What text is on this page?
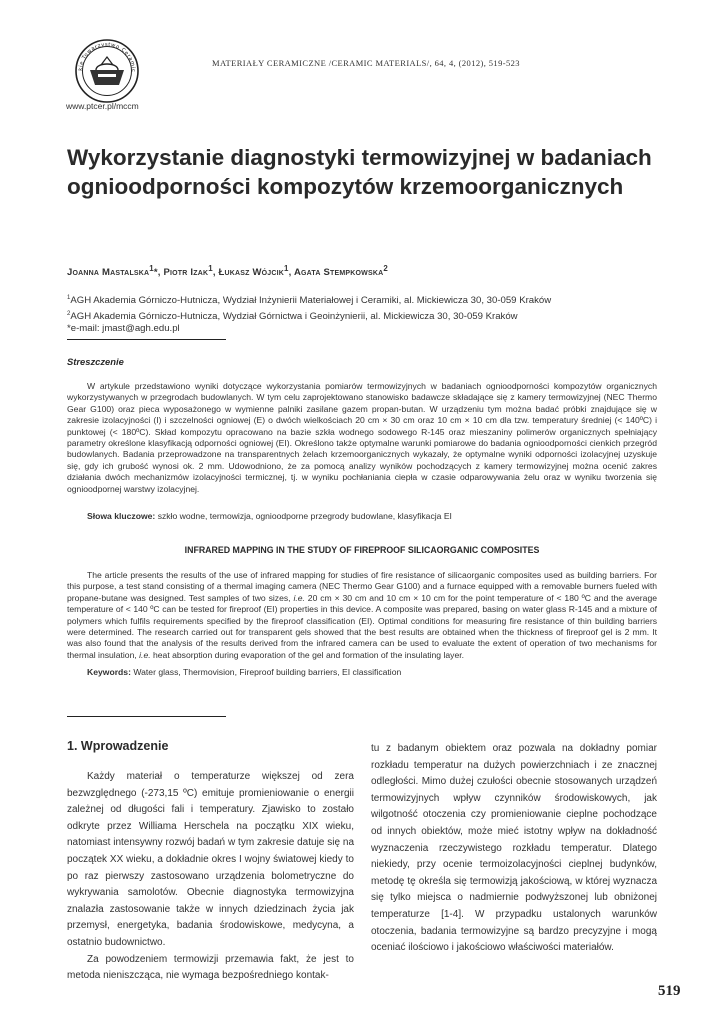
kie Towarzystwo Ceramic
www.ptcer.pl/mccm
MATERIAŁY CERAMICZNE /CERAMIC MATERIALS/, 64, 4, (2012), 519-523
Wykorzystanie diagnostyki termowizyjnej w badaniach ognioodporności kompozytów krzemoorganicznych
Joanna Mastalska$^1$*, Piotr Izak$^1$, Łukasz Wójcik$^1$, Agata Stempkowska$^2$
$^1$AGH Akademia Górniczo-Hutnicza, Wydział Inżynierii Materiałowej i Ceramiki, al. Mickiewicza 30, 30-059 Kraków
$^2$AGH Akademia Górniczo-Hutnicza, Wydział Górnictwa i Geoinżynierii, al. Mickiewicza 30, 30-059 Kraków
*e-mail: jmast@agh.edu.pl
Streszczenie

W artykule przedstawiono wyniki dotyczące wykorzystania pomiarów termowizyjnych w badaniach ognioodporności kompozytów organicznych wykorzystywanych w przegrodach budowlanych. W tym celu zaprojektowano stanowisko badawcze składające się z kamery termowizyjnej (NEC Thermo Gear G100) oraz pieca wyposażonego w wymienne palniki zasilane gazem propan-butan. W urządzeniu tym można badać próbki znajdujące się w zakresie izolacyjności (I) i szczelności ogniowej (E) o dwóch wielkościach 20 cm × 30 cm oraz 10 cm × 10 cm dla tzw. temperatury średniej (< 140ºC) i punktowej (< 180ºC). Skład kompozytu opracowano na bazie szkła wodnego sodowego R-145 oraz mieszaniny polimerów organicznych spełniający parametry określone klasyfikacją odporności ogniowej (EI). Określono także optymalne warunki pomiarowe do badania ognioodporności cienkich przegród budowlanych. Badania przeprowadzone na transparentnych żelach krzemoorganicznych wykazały, że optymalne wyniki odporności izolacyjnej uzyskuje się, gdy ich grubość wynosi ok. 2 mm. Udowodniono, że za pomocą analizy wyników pochodzących z kamery termowizyjnej można ocenić zakres działania dwóch mechanizmów izolacyjności termicznej, tj. w wyniku pochłaniania ciepła w czasie odparowywania żelu oraz w wyniku tworzenia się ognioodpornej warstwy izolacyjnej.

Słowa kluczowe: szkło wodne, termowizja, ognioodporne przegrody budowlane, klasyfikacja EI
INFRARED MAPPING IN THE STUDY OF FIREPROOF SILICAORGANIC COMPOSITES

The article presents the results of the use of infrared mapping for studies of fire resistance of silicaorganic composites used as building barriers. For this purpose, a test stand consisting of a thermal imaging camera (NEC Thermo Gear G100) and a furnace equipped with a removable burners fueled with propane-butane was designed. Test samples of two sizes, i.e. 20 cm × 30 cm and 10 cm × 10 cm for the point temperature of < 180 ºC and the average temperature of < 140 ºC can be tested for fireproof (EI) properties in this device. A composite was prepared, basing on water glass R-145 and a mixture of polymers which fulfils requirements specified by the fireproof classification (EI). Optimal conditions for measuring fire resistance of thin building barriers were determined. The research carried out for transparent gels showed that the best results are obtained when the thickness of fireproof gel is 2 mm. It was also found that the analysis of the results derived from the infrared camera can be used to evaluate the extent of operation of two mechanisms for thermal insulation, i.e. heat absorption during evaporation of the gel and formation of the insulating layer.

Keywords: Water glass, Thermovision, Fireproof building barriers, EI classification
1. Wprowadzenie

Każdy materiał o temperaturze większej od zera bezwzględnego (-273,15 ºC) emituje promieniowanie o energii zależnej od długości fali i temperatury. Zjawisko to zostało odkryte przez Williama Herschela na początku XIX wieku, natomiast intensywny rozwój badań w tym zakresie datuje się na początek XX wieku, a dokładnie okres I wojny światowej kiedy to po raz pierwszy zastosowano urządzenia bolometryczne do wykrywania samolotów. Obecnie diagnostyka termowizyjna znalazła zastosowanie także w innych dziedzinach życia jak przemysł, energetyka, badania środowiskowe, medycyna, a ostatnio budownictwo.

Za powodzeniem termowizji przemawia fakt, że jest to metoda nieniszcząca, nie wymaga bezpośredniego kontak-

tu z badanym obiektem oraz pozwala na dokładny pomiar rozkładu temperatur na dużych powierzchniach i ze znacznej odległości. Mimo dużej czułości obecnie stosowanych urządzeń termowizyjnych wpływ czynników środowiskowych, jak wilgotność otoczenia czy promieniowanie cieplne pochodzące od innych obiektów, może mieć istotny wpływ na dokładność wyznaczenia rzeczywistego rozkładu temperatur. Dlatego niekiedy, przy ocenie termoizolacyjności cieplnej budynków, metodę tę określa się termowizją jakościową, w której wyznacza się tylko miejsca o nadmiernie podwyższonej lub obniżonej temperaturze [1-4]. W przypadku ustalonych warunków otoczenia, badania termowizyjne są bardzo precyzyjne i mogą oceniać ilościowo i jakościowo właściwości materiałów.

519
